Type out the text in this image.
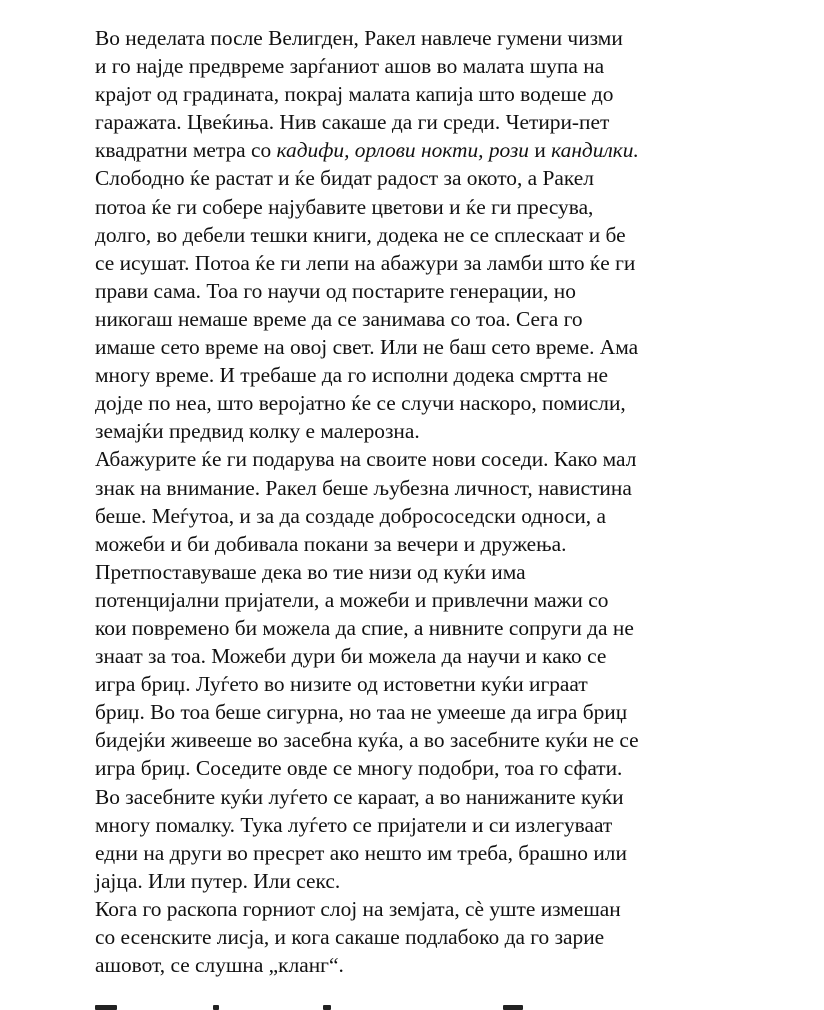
Во неделата после Велигден, Ракел навлече гумени чизми
и го најде предвреме зарѓаниот ашов во малата шупа на
крајот од градината, покрај малата капија што водеше до
гаражата. Цвеќиња. Нив сакаше да ги среди. Четири-пет
квадратни метра со кадифи, орлови нокти, рози и кандилки.
Слободно ќе растат и ќе бидат радост за окото, а Ракел
потоа ќе ги собере најубавите цветови и ќе ги пресува,
долго, во дебели тешки книги, додека не се сплескаат и бе
се исушат. Потоа ќе ги лепи на абажури за ламби што ќе ги
прави сама. Тоа го научи од постарите генерации, но
никогаш немаше време да се занимава со тоа. Сега го
имаше сето време на овој свет. Или не баш сето време. Ама
многу време. И требаше да го исполни додека смртта не
дојде по неа, што веројатно ќе се случи наскоро, помисли,
земајќи предвид колку е малерозна.
Абажурите ќе ги подарува на своите нови соседи. Како мал
знак на внимание. Ракел беше љубезна личност, навистина
беше. Меѓутоа, и за да создаде добрососедски односи, а
можеби и би добивала покани за вечери и дружења.
Претпоставуваше дека во тие низи од куќи има
потенцијални пријатели, а можеби и привлечни мажи со
кои повремено би можела да спие, а нивните сопруги да не
знаат за тоа. Можеби дури би можела да научи и како се
игра бриџ. Луѓето во низите од истоветни куќи играат
бриџ. Во тоа беше сигурна, но таа не умееше да игра бриџ
бидејќи живееше во засебна куќа, а во засебните куќи не се
игра бриџ. Соседите овде се многу подобри, тоа го сфати.
Во засебните куќи луѓето се караат, а во нанижаните куќи
многу помалку. Тука луѓето се пријатели и си излегуваат
едни на други во пресрет ако нешто им треба, брашно или
јајца. Или путер. Или секс.
Кога го раскопа горниот слој на земјата, сè уште измешан
со есенските лисја, и кога сакаше подлабоко да го зарие
ашовот, се слушна „кланг“.
